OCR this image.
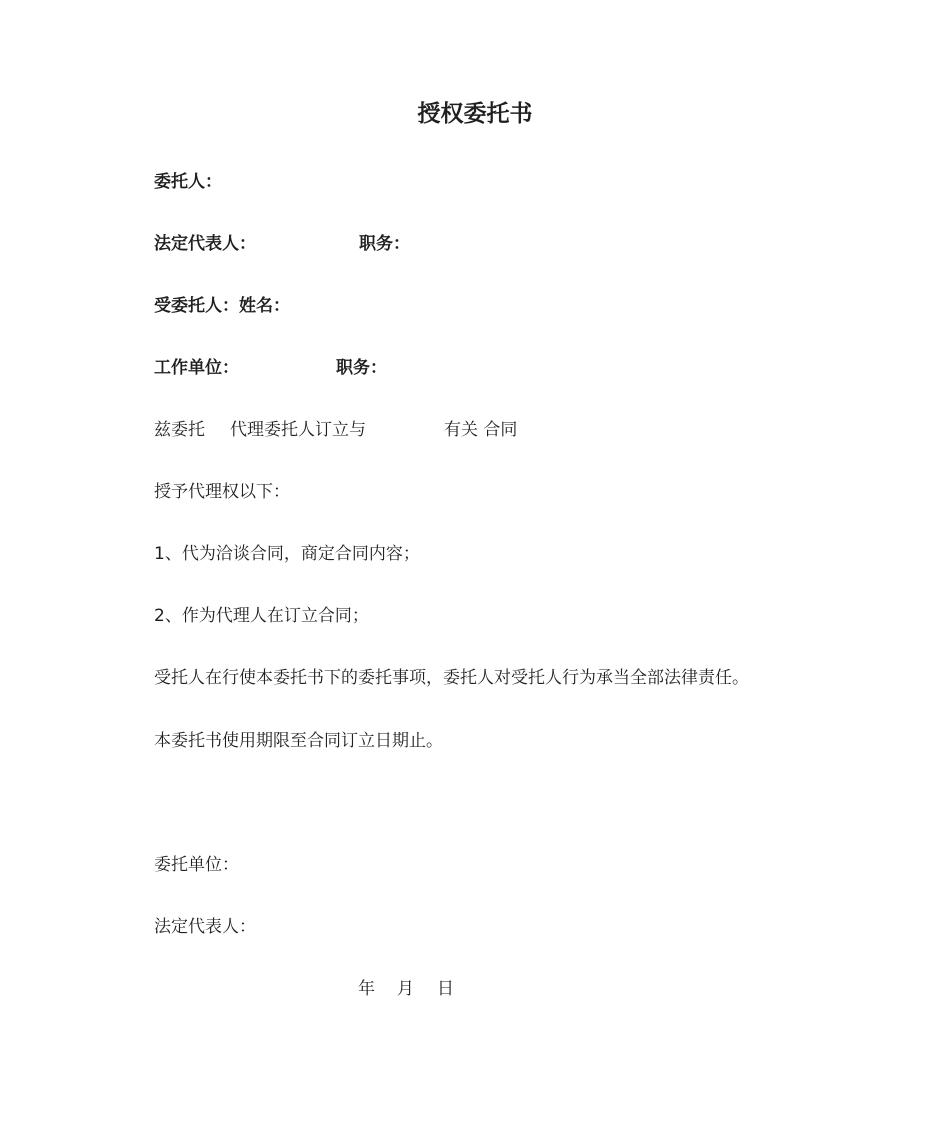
授权委托书
委托人：
法定代表人：	职务：
受委托人：姓名：
工作单位：	职务：
兹委托 代理委托人订立与	有关 合同
授予代理权以下：
1、代为洽谈合同，商定合同内容；
2、作为代理人在订立合同；
受托人在行使本委托书下的委托事项，委托人对受托人行为承当全部法律责任。
本委托书使用期限至合同订立日期止。
委托单位：
法定代表人：
年 月 日
